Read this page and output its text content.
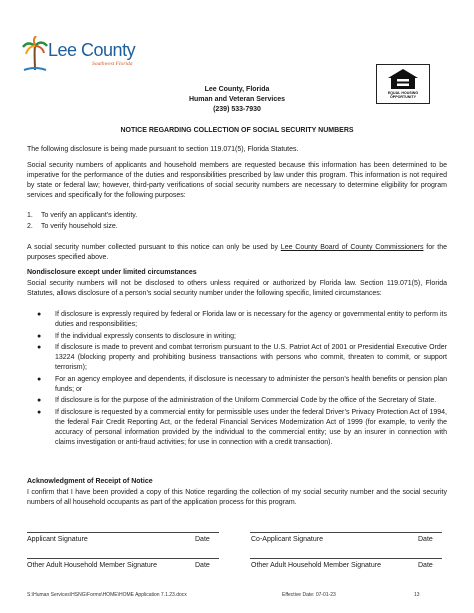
Lee County
Southwest Florida
EQUAL HOUSING
OPPORTUNITY
Lee County, Florida
Human and Veteran Services
(239) 533-7930
NOTICE REGARDING COLLECTION OF SOCIAL SECURITY NUMBERS
The following disclosure is being made pursuant to section 119.071(5), Florida Statutes.
Social security numbers of applicants and household members are requested because this information has been determined to be imperative for the performance of the duties and responsibilities prescribed by law under this program. This information is not required by state or federal law; however, third-party verifications of social security numbers are necessary to determine eligibility for program services and specifically for the following purposes:
1. To verify an applicant’s identity.
2. To verify household size.
A social security number collected pursuant to this notice can only be used by Lee County Board of County Commissioners for the purposes specified above.
Nondisclosure except under limited circumstances
Social security numbers will not be disclosed to others unless required or authorized by Florida law. Section 119.071(5), Florida Statutes, allows disclosure of a person’s social security number under the following specific, limited circumstances:
● If disclosure is expressly required by federal or Florida law or is necessary for the agency or governmental entity to perform its duties and responsibilities;
● If the individual expressly consents to disclosure in writing;
● If disclosure is made to prevent and combat terrorism pursuant to the U.S. Patriot Act of 2001 or Presidential Executive Order 13224 (blocking property and prohibiting business transactions with persons who commit, threaten to commit, or support terrorism);
● For an agency employee and dependents, if disclosure is necessary to administer the person’s health benefits or pension plan funds; or
● If disclosure is for the purpose of the administration of the Uniform Commercial Code by the office of the Secretary of State.
● If disclosure is requested by a commercial entity for permissible uses under the federal Driver’s Privacy Protection Act of 1994, the federal Fair Credit Reporting Act, or the federal Financial Services Modernization Act of 1999 (for example, to verify the accuracy of personal information provided by the individual to the commercial entity; use by an insurer in connection with claims investigation or anti-fraud activities; for use in connection with a credit transaction).
Acknowledgment of Receipt of Notice
I confirm that I have been provided a copy of this Notice regarding the collection of my social security number and the social security numbers of all household occupants as part of the application process for this program.
Applicant Signature	Date	Co-Applicant Signature	Date
Other Adult Household Member Signature	Date	Other Adult Household Member Signature	Date
S:\Human Services\HSNG\Forms\HOME\HOME Application 7.1.23.docx	Effective Date: 07-01-23	13
